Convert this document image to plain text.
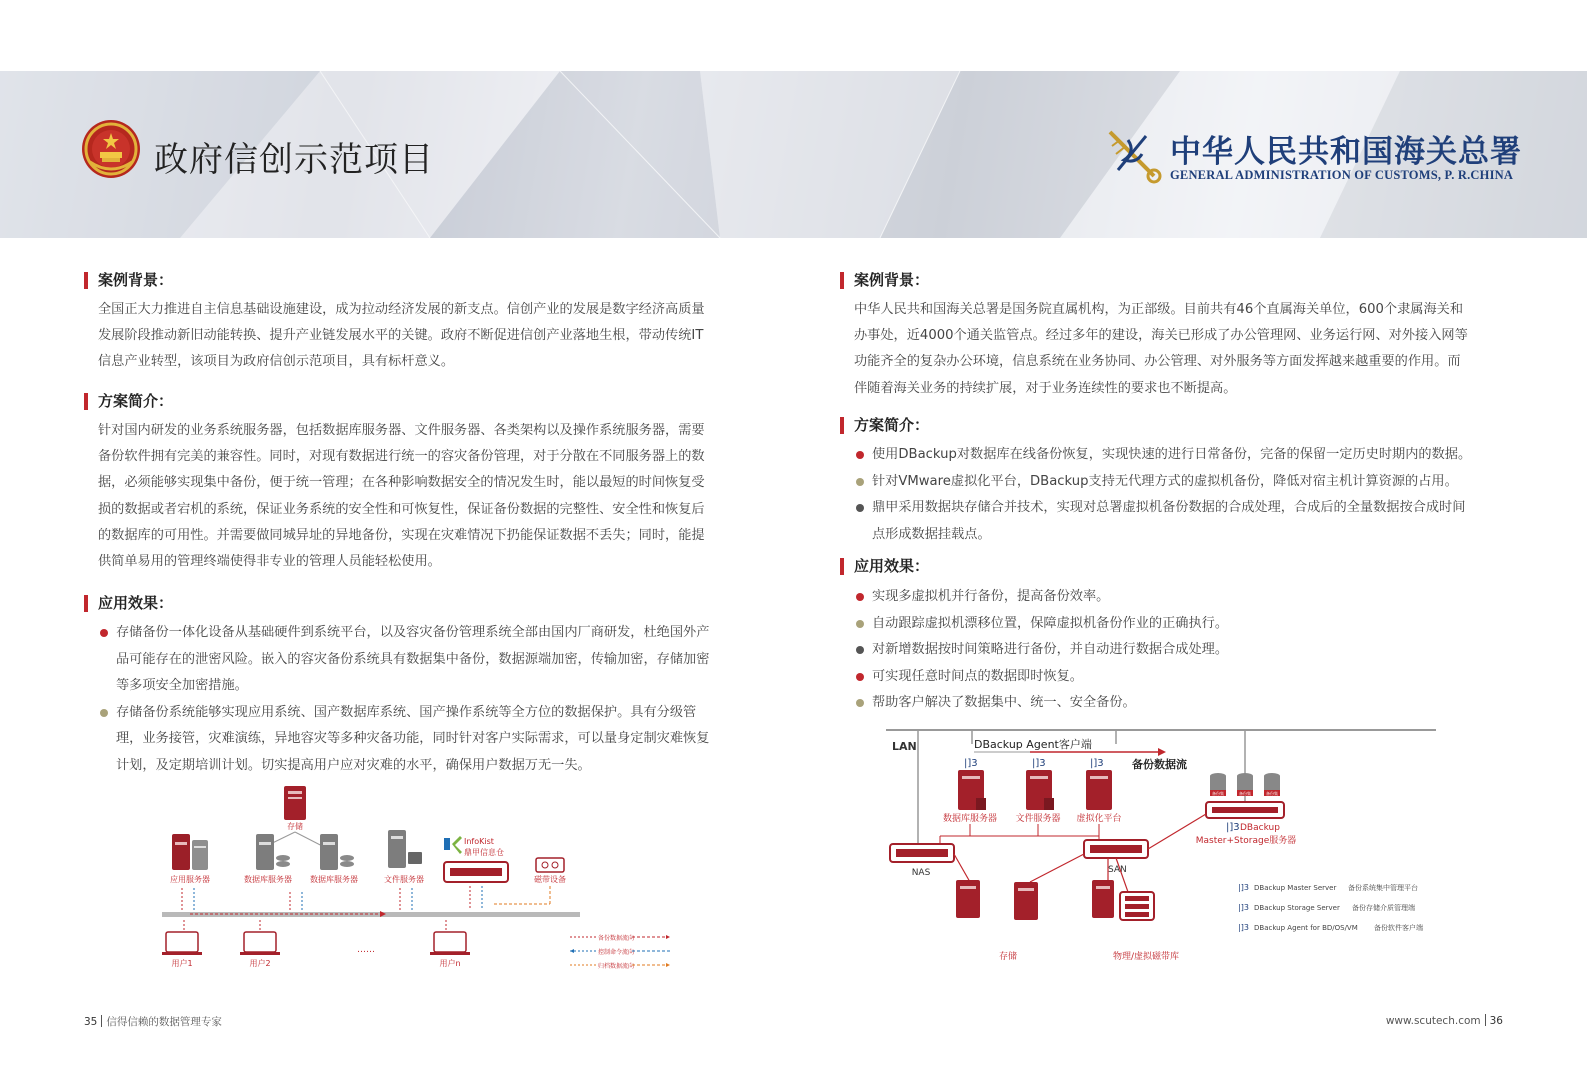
政府信创示范项目	中华人民共和国海关总署
GENERAL ADMINISTRATION OF CUSTOMS, P. R.CHINA
案例背景：
全国正大力推进自主信息基础设施建设，成为拉动经济发展的新支点。信创产业的发展是数字经济高质量
发展阶段推动新旧动能转换、提升产业链发展水平的关键。政府不断促进信创产业落地生根，带动传统IT
信息产业转型，该项目为政府信创示范项目，具有标杆意义。
方案简介：
针对国内研发的业务系统服务器，包括数据库服务器、文件服务器、各类架构以及操作系统服务器，需要
备份软件拥有完美的兼容性。同时，对现有数据进行统一的容灾备份管理，对于分散在不同服务器上的数
据，必须能够实现集中备份，便于统一管理；在各种影响数据安全的情况发生时，能以最短的时间恢复受
损的数据或者宕机的系统，保证业务系统的安全性和可恢复性，保证备份数据的完整性、安全性和恢复后
的数据库的可用性。并需要做同城异址的异地备份，实现在灾难情况下扔能保证数据不丢失；同时，能提
供简单易用的管理终端使得非专业的管理人员能轻松使用。
应用效果：
存储备份一体化设备从基础硬件到系统平台，以及容灾备份管理系统全部由国内厂商研发，杜绝国外产
品可能存在的泄密风险。嵌入的容灾备份系统具有数据集中备份，数据源端加密，传输加密，存储加密
等多项安全加密措施。
存储备份系统能够实现应用系统、国产数据库系统、国产操作系统等全方位的数据保护。具有分级管
理，业务接管，灾难演练，异地容灾等多种灾备功能，同时针对客户实际需求，可以量身定制灾难恢复
计划，及定期培训计划。切实提高用户应对灾难的水平，确保用户数据万无一失。
存储
应用服务器	数据库服务器 数据库服务器	文件服务器
InfoKist
鼎甲信息仓
磁带设备
用户1	用户2
……
用户n
备份数据流向
控制命令流向
归档数据流向
35 信得信赖的数据管理专家
案例背景：
中华人民共和国海关总署是国务院直属机构，为正部级。目前共有46个直属海关单位，600个隶属海关和
办事处，近4000个通关监管点。经过多年的建设，海关已形成了办公管理网、业务运行网、对外接入网等
功能齐全的复杂办公环境，信息系统在业务协同、办公管理、对外服务等方面发挥越来越重要的作用。而
伴随着海关业务的持续扩展，对于业务连续性的要求也不断提高。
方案简介：
使用DBackup对数据库在线备份恢复，实现快速的进行日常备份，完备的保留一定历史时期内的数据。
针对VMware虚拟化平台，DBackup支持无代理方式的虚拟机备份，降低对宿主机计算资源的占用。
鼎甲采用数据块存储合并技术，实现对总署虚拟机备份数据的合成处理，合成后的全量数据按合成时间
点形成数据挂载点。
应用效果：
实现多虚拟机并行备份，提高备份效率。
自动跟踪虚拟机漂移位置，保障虚拟机备份作业的正确执行。
对新增数据按时间策略进行备份，并自动进行数据合成处理。
可实现任意时间点的数据即时恢复。
帮助客户解决了数据集中、统一、安全备份。
LAN	DBackup Agent客户端
备份数据流
|]3
数据库服务器
|]3
文件服务器
|]3
虚拟化平台
备份集	备份集	备份集
|]3 DBackup
Master+Storage服务器
NAS	SAN
存储	物理/虚拟磁带库
|]3 DBackup Master Server 备份系统集中管理平台
|]3 DBackup Storage Server 备份存储介质管理端
|]3 DBackup Agent for BD/OS/VM 备份软件客户端
www.scutech.com 36
